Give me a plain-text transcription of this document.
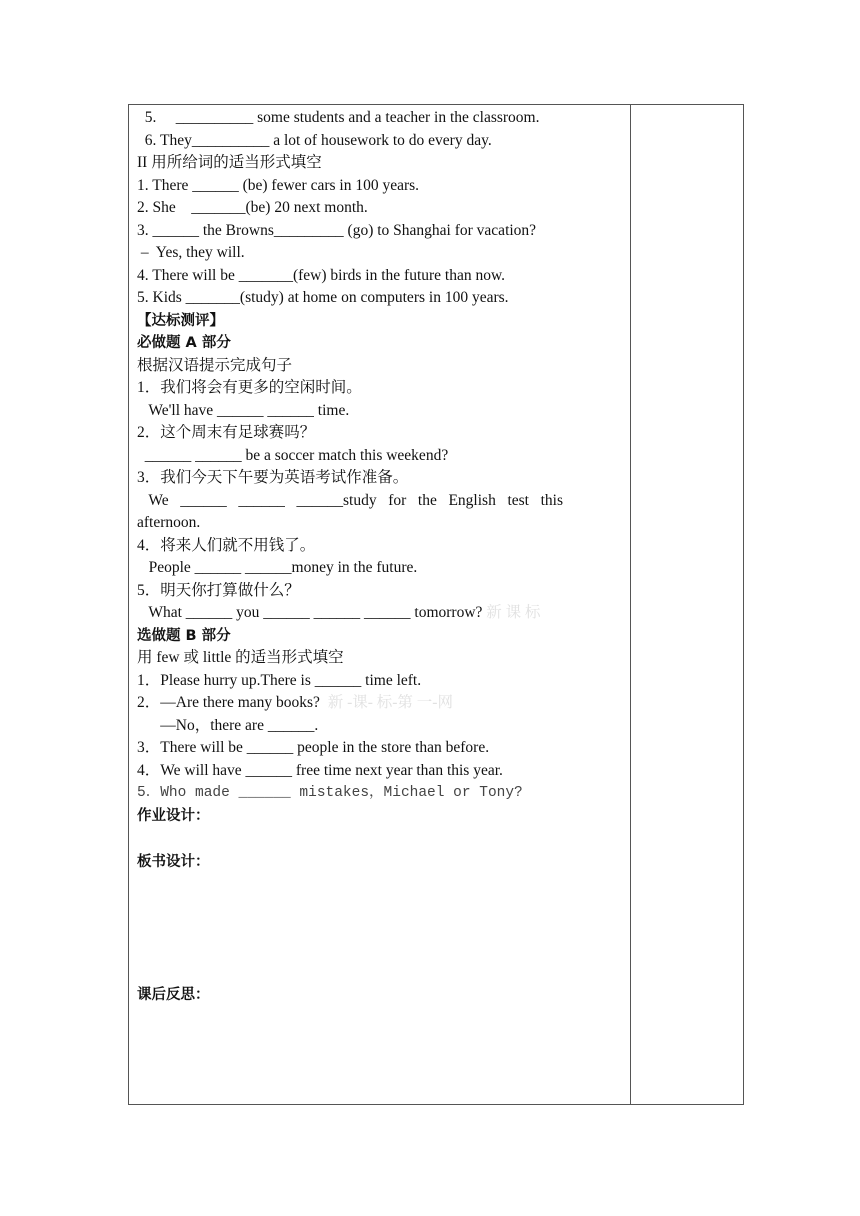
5.     __________ some students and a teacher in the classroom.
6. They__________ a lot of housework to do every day.
II 用所给词的适当形式填空
1. There ______ (be) fewer cars in 100 years.
2. She    _______(be) 20 next month.
3. ______ the Browns_________ (go) to Shanghai for vacation?
–  Yes, they will.
4. There will be _______(few) birds in the future than now.
5. Kids _______(study) at home on computers in 100 years.
【达标测评】
必做题 A 部分
根据汉语提示完成句子
1．我们将会有更多的空闲时间。
We'll have ______ ______ time.
2．这个周末有足球赛吗？
______ ______ be a soccer match this weekend?
3．我们今天下午要为英语考试作准备。
We   ______   ______   ______study   for   the   English   test   this
afternoon.
4．将来人们就不用钱了。
People ______ ______money in the future.
5．明天你打算做什么？
What ______ you ______ ______ ______ tomorrow? 新 课 标
选做题 B 部分
用 few 或 little 的适当形式填空
1．Please hurry up.There is ______ time left.
2．—Are there many books?  新 -课- 标-第 一-网
—No，there are ______.
3．There will be ______ people in the store than before.
4．We will have ______ free time next year than this year.
5．Who made ______ mistakes，Michael or Tony?
作业设计：
板书设计：
课后反思：
